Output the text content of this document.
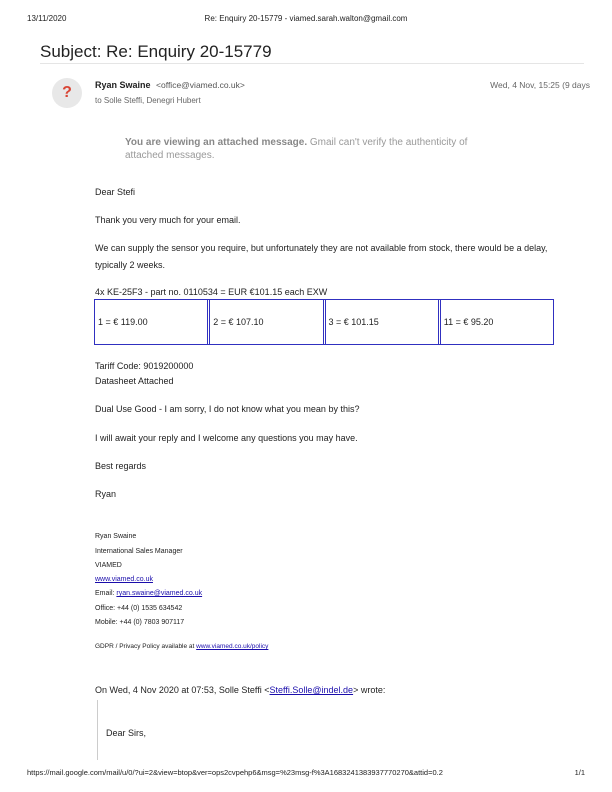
13/11/2020	Re: Enquiry 20-15779 - viamed.sarah.walton@gmail.com
Subject: Re: Enquiry 20-15779
?	Ryan Swaine <office@viamed.co.uk>
to Solle Steffi, Denegri Hubert
Wed, 4 Nov, 15:25 (9 days
You are viewing an attached message. Gmail can't verify the authenticity of attached messages.
Dear Stefi
Thank you very much for your email.
We can supply the sensor you require, but unfortunately they are not available from stock, there would be a delay,
typically 2 weeks.
4x KE-25F3 - part no. 0110534 = EUR €101.15 each EXW
1 = € 119.00	2 = € 107.10	3 = € 101.15	11 = € 95.20
Tariff Code: 9019200000
Datasheet Attached
Dual Use Good - I am sorry, I do not know what you mean by this?
I will await your reply and I welcome any questions you may have.
Best regards
Ryan
Ryan Swaine
International Sales Manager
VIAMED
www.viamed.co.uk
Email: ryan.swaine@viamed.co.uk
Office: +44 (0) 1535 634542
Mobile: +44 (0) 7803 907117
GDPR / Privacy Policy available at www.viamed.co.uk/policy
On Wed, 4 Nov 2020 at 07:53, Solle Steffi <Steffi.Solle@indel.de> wrote:
Dear Sirs,
https://mail.google.com/mail/u/0/?ui=2&view=btop&ver=ops2cvpehp6&msg=%23msg-f%3A1683241383937770270&attid=0.2	1/1
